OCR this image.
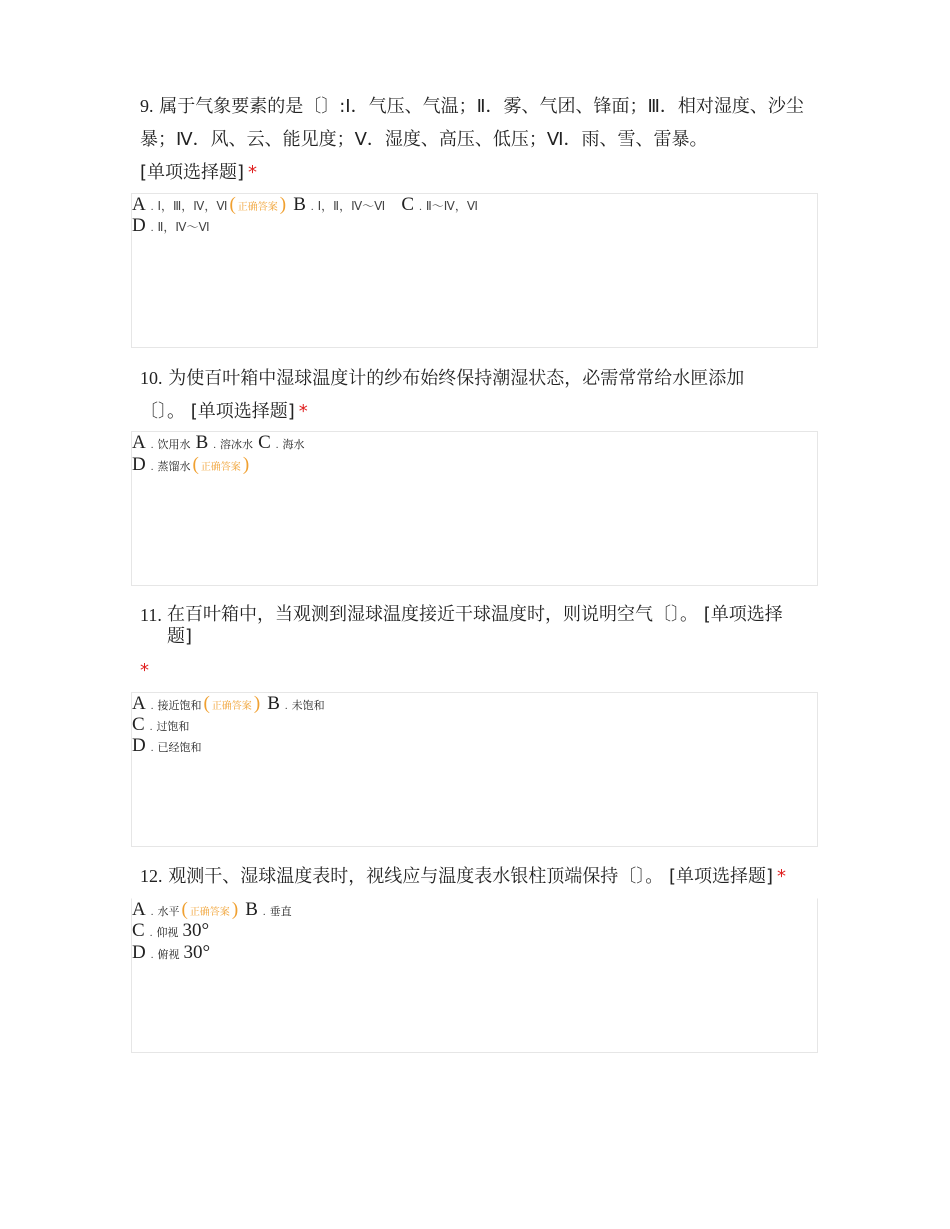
9. 属于气象要素的是〔〕:Ⅰ．气压、气温；Ⅱ．雾、气团、锋面；Ⅲ．相对湿度、沙尘暴；Ⅳ．风、云、能见度；Ⅴ．湿度、高压、低压；Ⅵ．雨、雪、雷暴。
[单项选择题] *
A . Ⅰ，Ⅲ，Ⅳ，Ⅵ ( 正确答案 ) B . Ⅰ，Ⅱ，Ⅳ～Ⅵ C . Ⅱ～Ⅳ，Ⅵ
D . Ⅱ，Ⅳ～Ⅵ
10. 为使百叶箱中湿球温度计的纱布始终保持潮湿状态，必需常常给水匣添加〔〕。 [单项选择题] *
A . 饮用水 B . 溶冰水 C . 海水
D . 蒸馏水 ( 正确答案 )
11. 在百叶箱中，当观测到湿球温度接近干球温度时，则说明空气〔〕。 [单项选择
题]
*
A . 接近饱和 ( 正确答案 ) B . 未饱和
C . 过饱和
D . 已经饱和
12. 观测干、湿球温度表时，视线应与温度表水银柱顶端保持〔〕。 [单项选择题] *
A . 水平 ( 正确答案 ) B . 垂直
C . 仰视 30°
D . 俯视 30°
